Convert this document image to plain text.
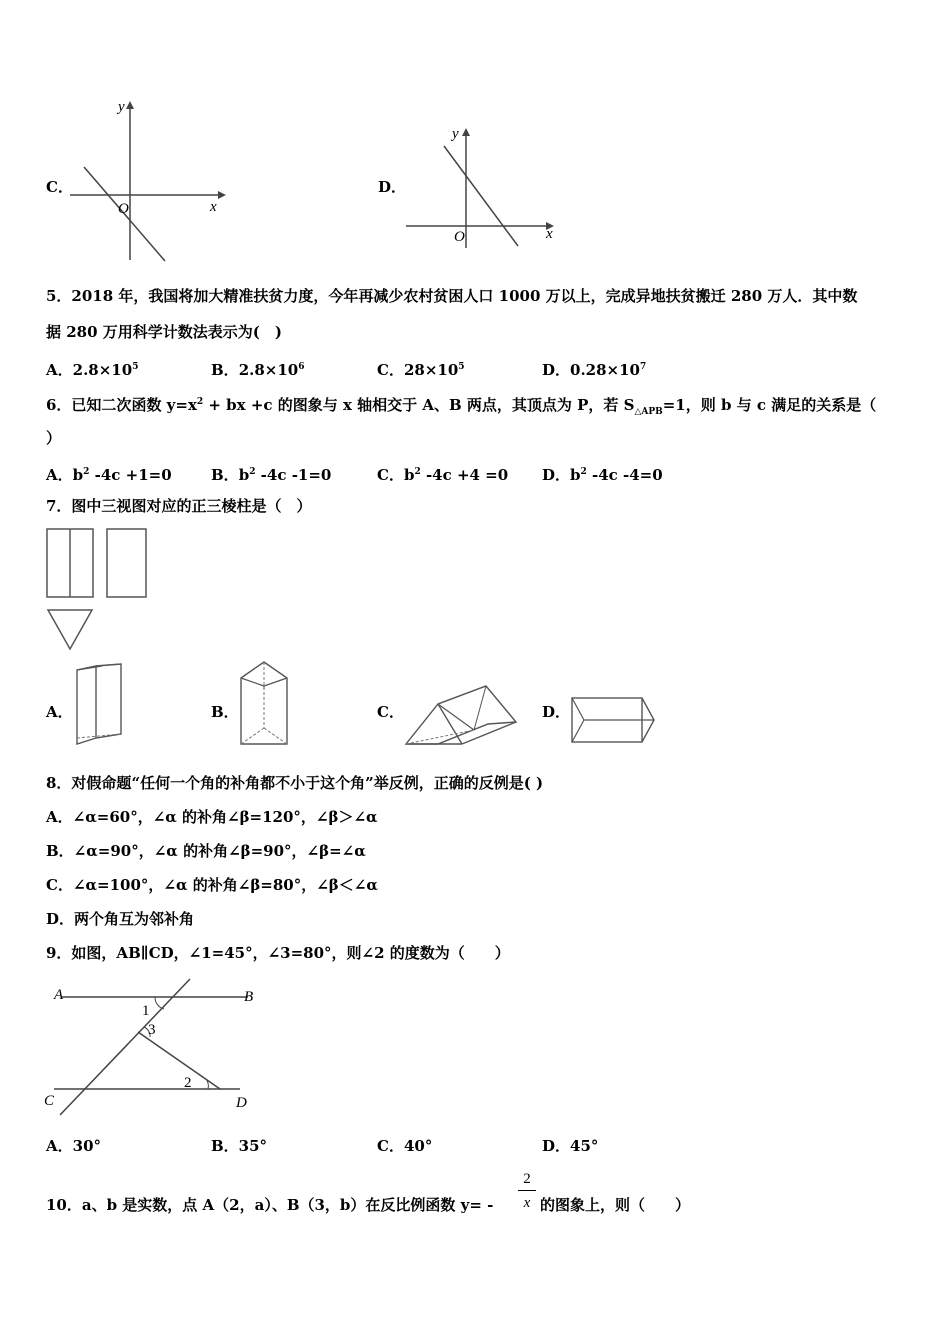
C．
x
y
O
D．
x
y
O
5．2018 年，我国将加大精准扶贫力度，今年再减少农村贫困人口 1000 万以上，完成异地扶贫搬迁 280 万人．其中数
据 280 万用科学计数法表示为(　)
A．$2.8\times 10^5$	B．$2.8\times 10^6$	C．$28\times 10^5$	D．$0.28\times 10^7$
6．已知二次函数 $y=x^2$ + bx +c 的图象与 x 轴相交于 A、B 两点，其顶点为 P，若 $S_{\triangle APB}=1$，则 b 与 c 满足的关系是（
）
A．$b^2$ -4c +1=0	B．$b^2$ -4c -1=0	C．$b^2$ -4c +4 =0 D．$b^2$ -4c -4=0
7．图中三视图对应的正三棱柱是（　）
A．	B．	C．	D．
8．对假命题“任何一个角的补角都不小于这个角”举反例，正确的反例是( )
A．∠α=60°，∠α 的补角∠β=120°，∠β＞∠α
B．∠α=90°，∠α 的补角∠β=90°，∠β=∠α
C．∠α=100°，∠α 的补角∠β=80°，∠β＜∠α
D．两个角互为邻补角
9．如图，AB∥CD，∠1=45°，∠3=80°，则∠2 的度数为（　　）
A	B
C	D
1
3
2
A．30°	B．35°	C．40°	D．45°
10．a、b 是实数，点 A（2，a）、B（3，b）在反比例函数 y= -
2
x 的图象上，则（　　）
